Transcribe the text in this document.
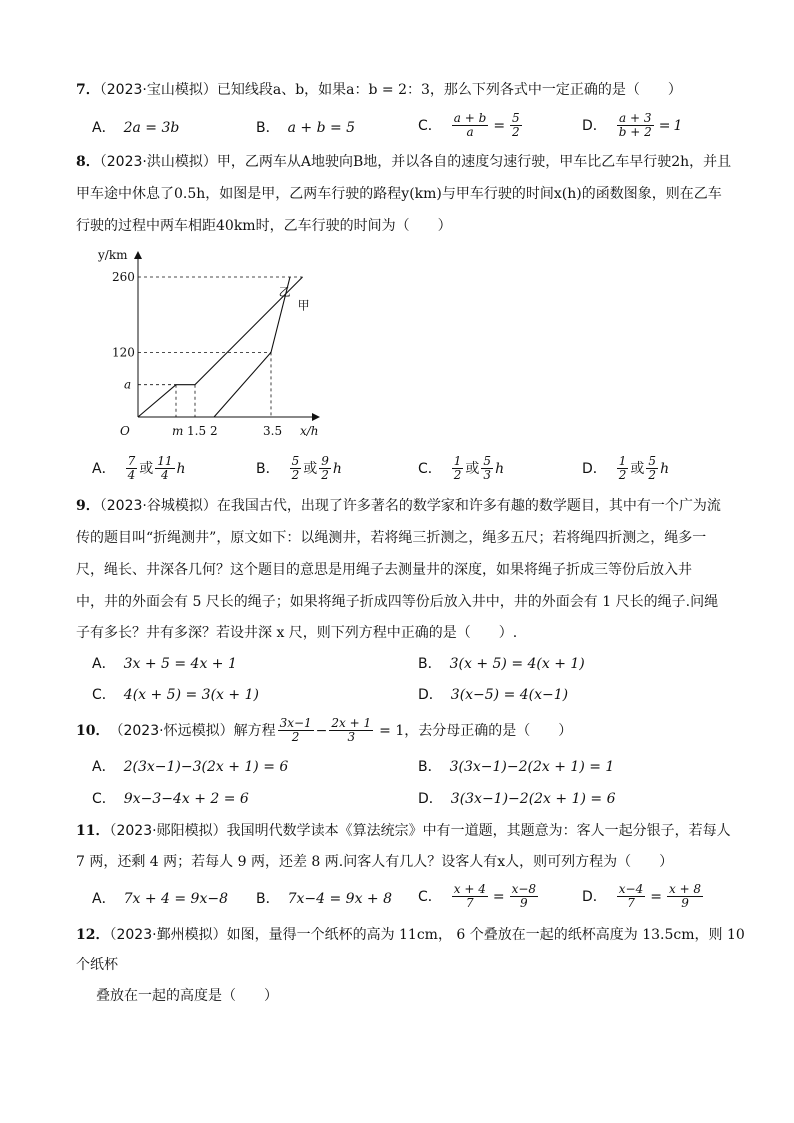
7．（2023·宝山模拟）已知线段a、b，如果a：b = 2：3，那么下列各式中一定正确的是（　　）
A． 2a = 3b	B． a + b = 5	C． $\frac{a + b}{a} = \frac{5}{2}$	D． $\frac{a + 3}{b + 2} = 1$
8．（2023·洪山模拟）甲，乙两车从A地驶向B地，并以各自的速度匀速行驶，甲车比乙车早行驶2h，并且
甲车途中休息了0.5h，如图是甲，乙两车行驶的路程y(km)与甲车行驶的时间x(h)的函数图象，则在乙车
行驶的过程中两车相距40km时，乙车行驶的时间为（　　）
y/km
x/h
O
260
120
a
m 1.5 2	3.5
乙
甲
A． $\frac{7}{4}$ 或 $\frac{11}{4}$ h	B． $\frac{5}{2}$ 或 $\frac{9}{2}$ h	C． $\frac{1}{2}$ 或 $\frac{5}{3}$ h	D． $\frac{1}{2}$ 或 $\frac{5}{2}$ h
9．（2023·谷城模拟）在我国古代，出现了许多著名的数学家和许多有趣的数学题目，其中有一个广为流
传的题目叫“折绳测井”，原文如下：以绳测井，若将绳三折测之，绳多五尺；若将绳四折测之，绳多一
尺，绳长、井深各几何？这个题目的意思是用绳子去测量井的深度，如果将绳子折成三等份后放入井
中，井的外面会有 5 尺长的绳子；如果将绳子折成四等份后放入井中，井的外面会有 1 尺长的绳子.问绳
子有多长？井有多深？若设井深 x 尺，则下列方程中正确的是（　　）.
A． 3x + 5 = 4x + 1	B． 3(x + 5) = 4(x + 1)
C． 4(x + 5) = 3(x + 1)	D． 3(x−5) = 4(x−1)
10． （2023·怀远模拟） 解方程 $\frac{3x-1}{2} - \frac{2x + 1}{3} = 1$，去分母正确的是（　　）
A． 2(3x−1)−3(2x + 1) = 6	B． 3(3x−1)−2(2x + 1) = 1
C． 9x−3−4x + 2 = 6	D． 3(3x−1)−2(2x + 1) = 6
11．（2023·郧阳模拟）我国明代数学读本《算法统宗》中有一道题，其题意为：客人一起分银子，若每人
7 两，还剩 4 两；若每人 9 两，还差 8 两.问客人有几人？设客人有x人，则可列方程为（　　）
A． 7x + 4 = 9x−8 B． 7x−4 = 9x + 8 C． $\frac{x + 4}{7} = \frac{x-8}{9}$	D． $\frac{x-4}{7} = \frac{x + 8}{9}$
12．（2023·鄞州模拟）如图，量得一个纸杯的高为 11cm， 6 个叠放在一起的纸杯高度为 13.5cm，则 10
个纸杯
叠放在一起的高度是（　　）
